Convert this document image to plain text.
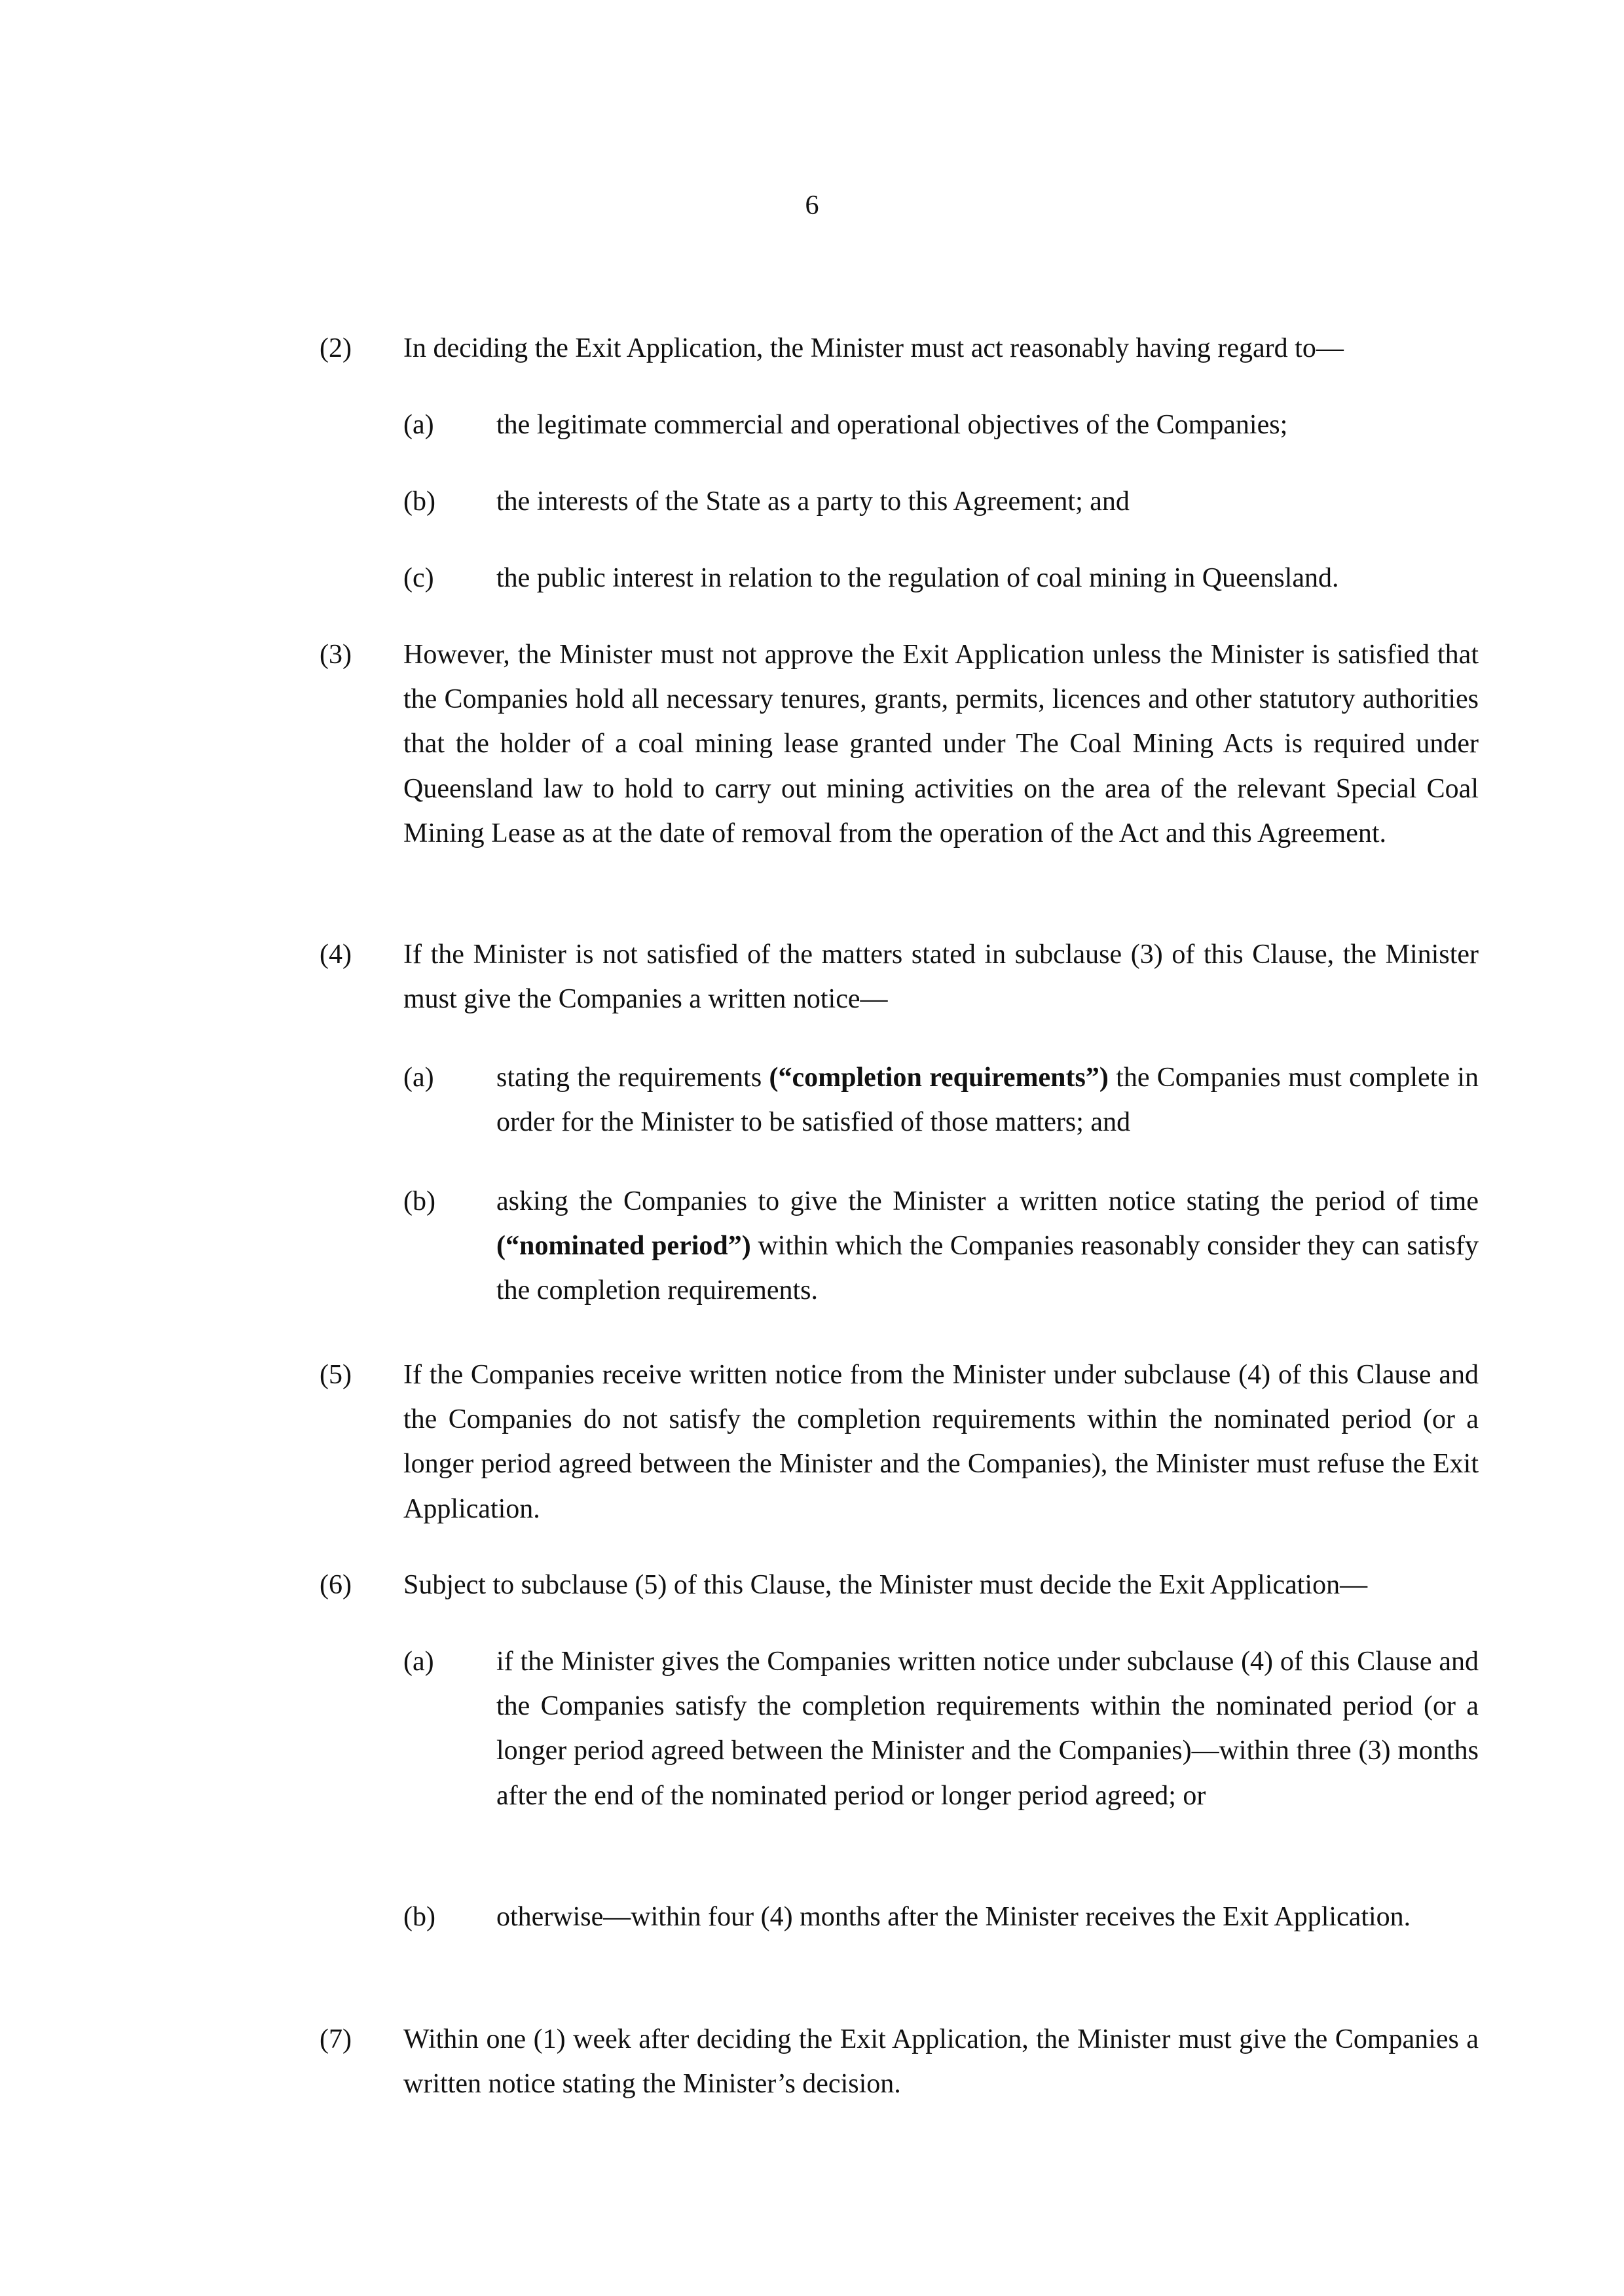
6
(2) In deciding the Exit Application, the Minister must act reasonably having regard to—
(a) the legitimate commercial and operational objectives of the Companies;
(b) the interests of the State as a party to this Agreement; and
(c) the public interest in relation to the regulation of coal mining in Queensland.
(3) However, the Minister must not approve the Exit Application unless the Minister is satisfied that the Companies hold all necessary tenures, grants, permits, licences and other statutory authorities that the holder of a coal mining lease granted under The Coal Mining Acts is required under Queensland law to hold to carry out mining activities on the area of the relevant Special Coal Mining Lease as at the date of removal from the operation of the Act and this Agreement.
(4) If the Minister is not satisfied of the matters stated in subclause (3) of this Clause, the Minister must give the Companies a written notice—
(a) stating the requirements (“completion requirements”) the Companies must complete in order for the Minister to be satisfied of those matters; and
(b) asking the Companies to give the Minister a written notice stating the period of time (“nominated period”) within which the Companies reasonably consider they can satisfy the completion requirements.
(5) If the Companies receive written notice from the Minister under subclause (4) of this Clause and the Companies do not satisfy the completion requirements within the nominated period (or a longer period agreed between the Minister and the Companies), the Minister must refuse the Exit Application.
(6) Subject to subclause (5) of this Clause, the Minister must decide the Exit Application—
(a) if the Minister gives the Companies written notice under subclause (4) of this Clause and the Companies satisfy the completion requirements within the nominated period (or a longer period agreed between the Minister and the Companies)—within three (3) months after the end of the nominated period or longer period agreed; or
(b) otherwise—within four (4) months after the Minister receives the Exit Application.
(7) Within one (1) week after deciding the Exit Application, the Minister must give the Companies a written notice stating the Minister’s decision.
